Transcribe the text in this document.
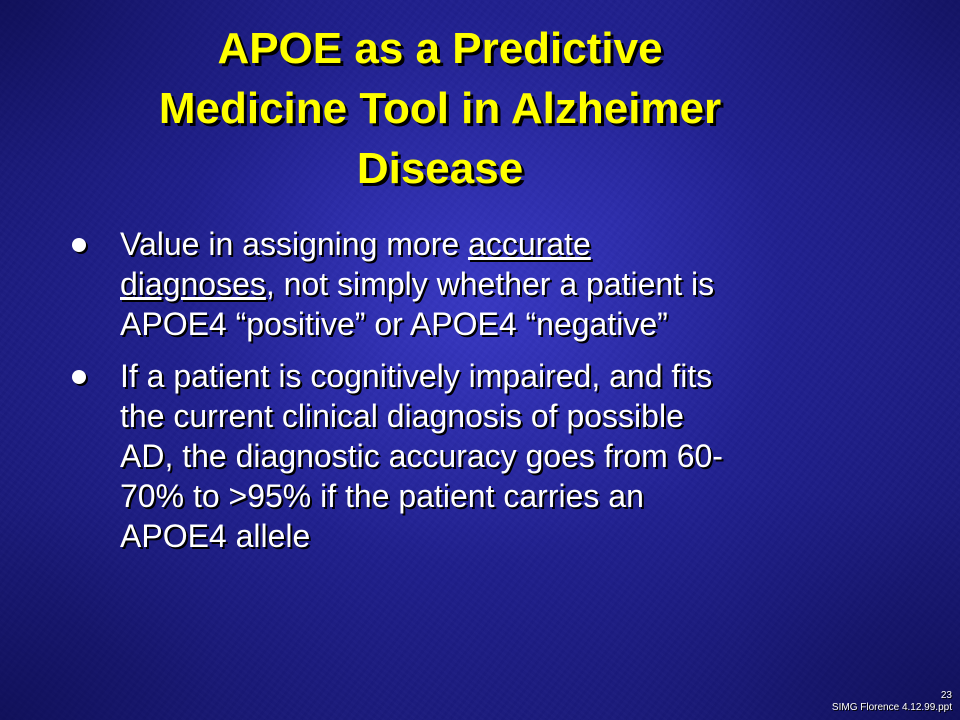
APOE as a Predictive
Medicine Tool in Alzheimer
Disease
Value in assigning more accurate
diagnoses, not simply whether a patient is
APOE4 “positive” or APOE4 “negative”
If a patient is cognitively impaired, and fits
the current clinical diagnosis of possible
AD, the diagnostic accuracy goes from 60-
70% to >95% if the patient carries an
APOE4 allele
23
SIMG Florence 4.12.99.ppt
